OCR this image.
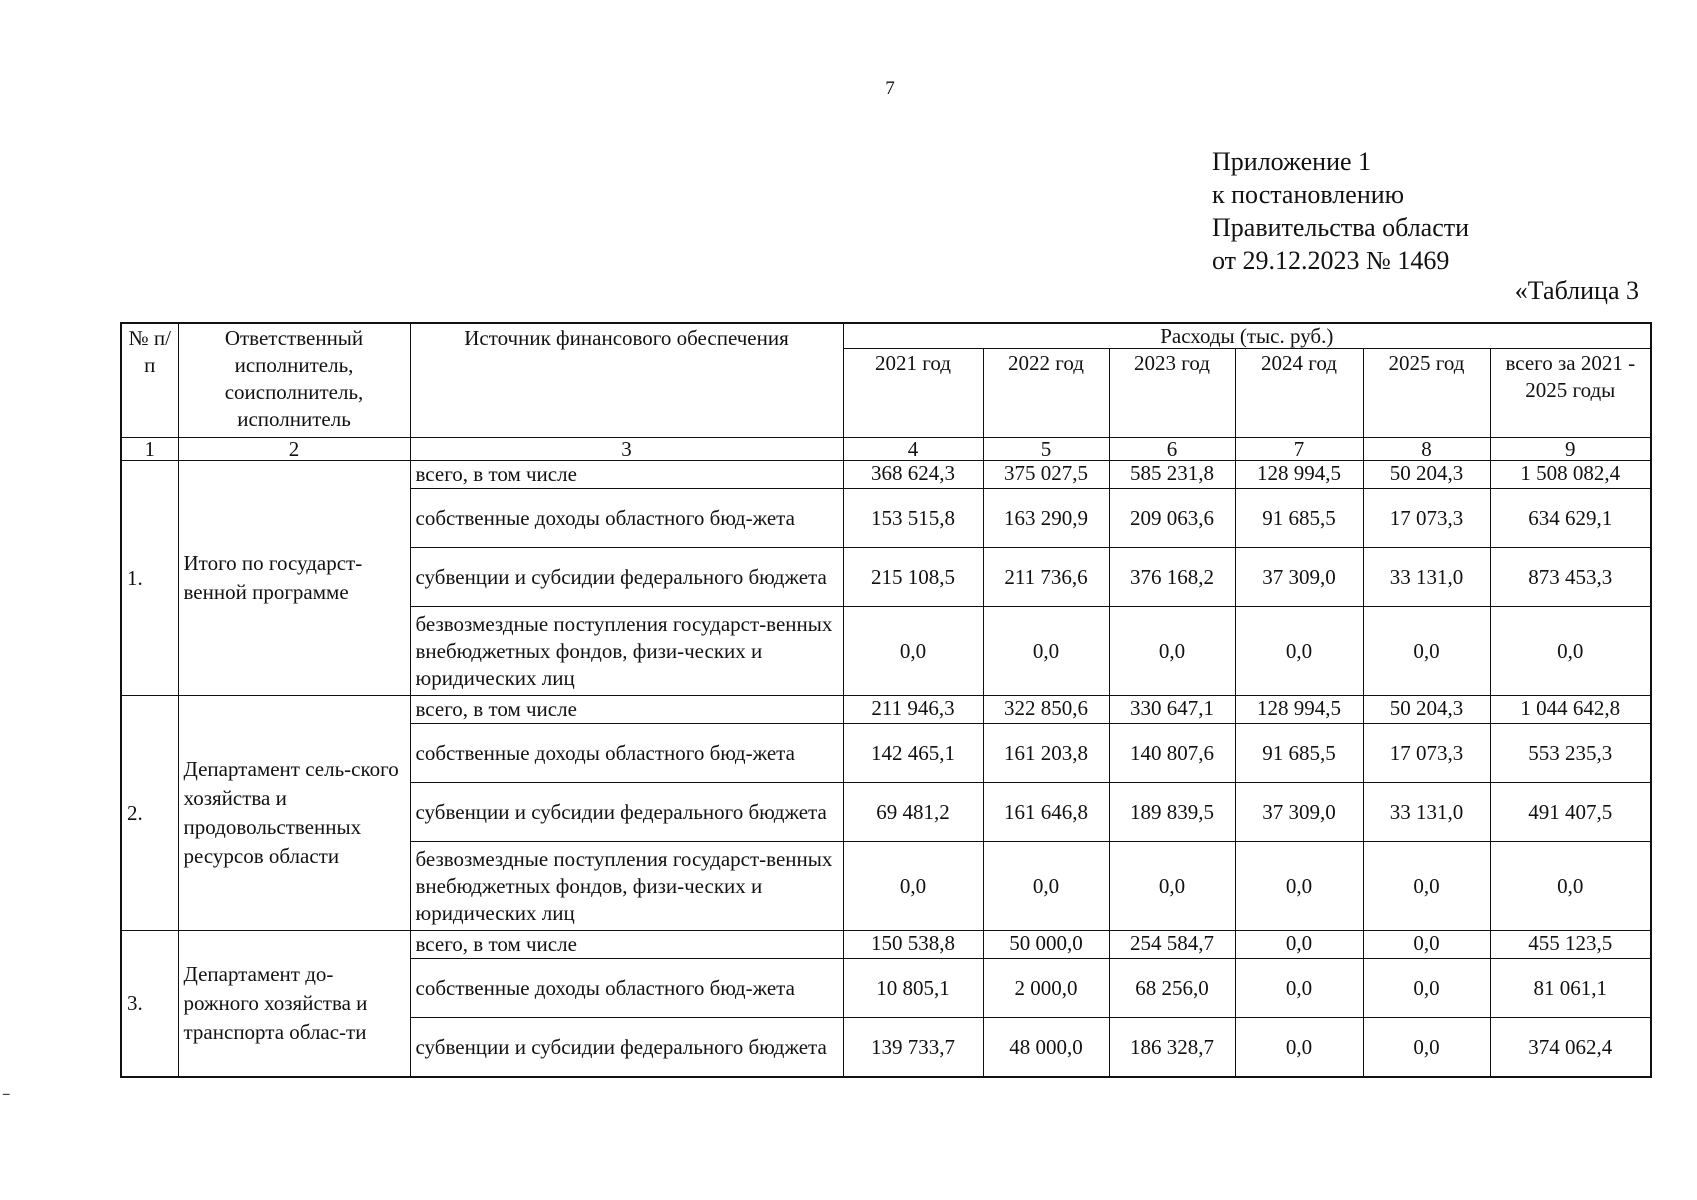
7
Приложение 1
к постановлению
Правительства области
от 29.12.2023 № 1469
«Таблица 3
№ п/п	Ответственный исполнитель, соисполнитель, исполнитель	Источник финансового обеспечения	Расходы (тыс. руб.)					
			2021 год	2022 год	2023 год	2024 год	2025 год	всего за 2021 - 2025 годы
1	2	3	4	5	6	7	8	9
1.	Итого по государст-венной программе	всего, в том числе	368 624,3	375 027,5	585 231,8	128 994,5	50 204,3	1 508 082,4
		собственные доходы областного бюд-жета	153 515,8	163 290,9	209 063,6	91 685,5	17 073,3	634 629,1
		субвенции и субсидии федерального бюджета	215 108,5	211 736,6	376 168,2	37 309,0	33 131,0	873 453,3
		безвозмездные поступления государст-венных внебюджетных фондов, физи-ческих и юридических лиц	0,0	0,0	0,0	0,0	0,0	0,0
2.	Департамент сель-ского хозяйства и продовольственных ресурсов области	всего, в том числе	211 946,3	322 850,6	330 647,1	128 994,5	50 204,3	1 044 642,8
		собственные доходы областного бюд-жета	142 465,1	161 203,8	140 807,6	91 685,5	17 073,3	553 235,3
		субвенции и субсидии федерального бюджета	69 481,2	161 646,8	189 839,5	37 309,0	33 131,0	491 407,5
		безвозмездные поступления государст-венных внебюджетных фондов, физи-ческих и юридических лиц	0,0	0,0	0,0	0,0	0,0	0,0
3.	Департамент до-рожного хозяйства и транспорта облас-ти	всего, в том числе	150 538,8	50 000,0	254 584,7	0,0	0,0	455 123,5
		собственные доходы областного бюд-жета	10 805,1	2 000,0	68 256,0	0,0	0,0	81 061,1
		субвенции и субсидии федерального бюджета	139 733,7	48 000,0	186 328,7	0,0	0,0	374 062,4
–
